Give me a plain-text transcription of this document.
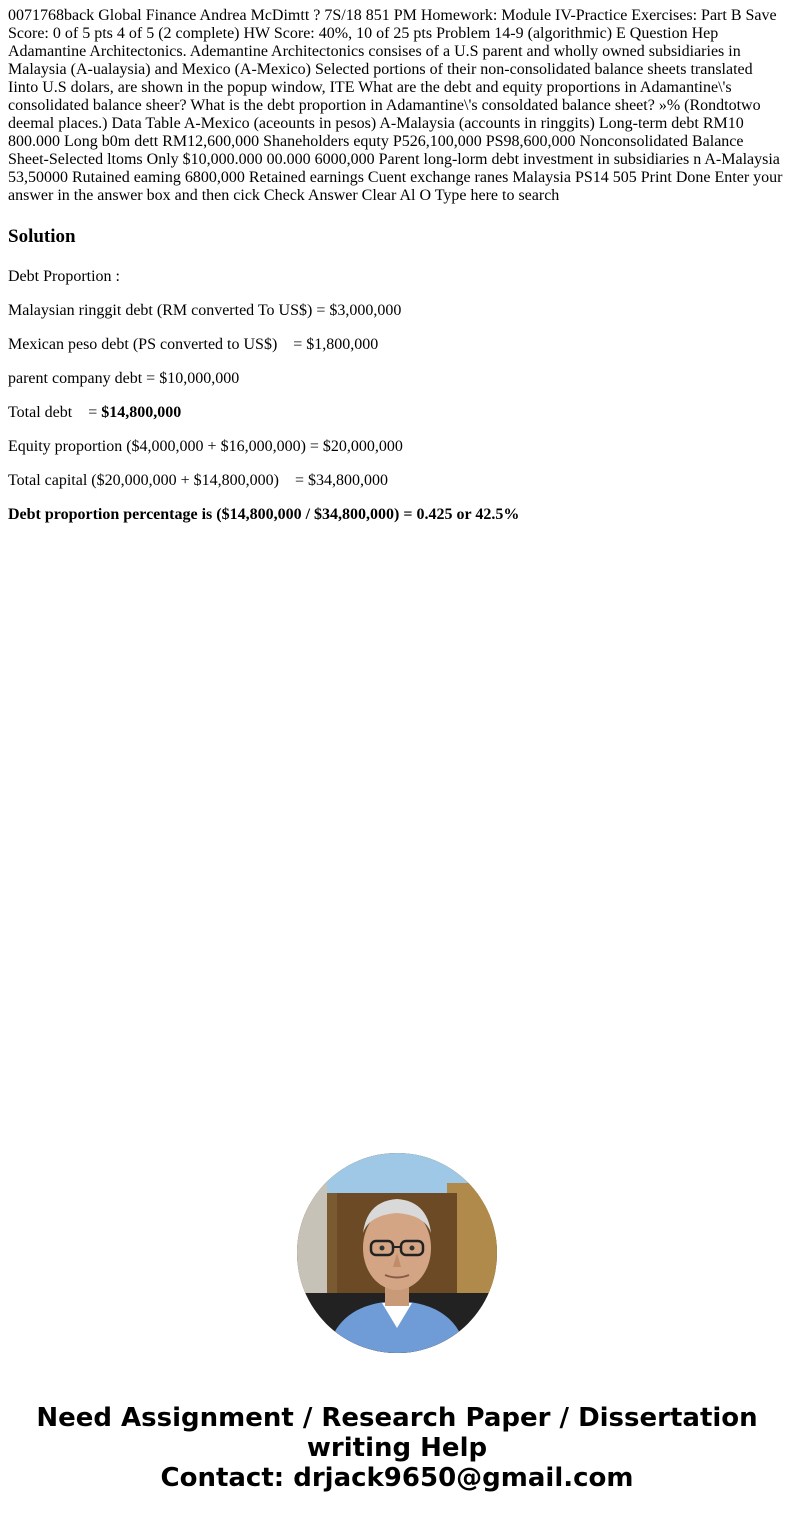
0071768back Global Finance Andrea McDimtt ? 7S/18 851 PM Homework: Module IV-Practice Exercises: Part B Save Score: 0 of 5 pts 4 of 5 (2 complete) HW Score: 40%, 10 of 25 pts Problem 14-9 (algorithmic) E Question Hep Adamantine Architectonics. Ademantine Architectonics consises of a U.S parent and wholly owned subsidiaries in Malaysia (A-ualaysia) and Mexico (A-Mexico) Selected portions of their non-consolidated balance sheets translated Iinto U.S dolars, are shown in the popup window, ITE What are the debt and equity proportions in Adamantine\'s consolidated balance sheer? What is the debt proportion in Adamantine\'s consoldated balance sheet? »% (Rondtotwo deemal places.) Data Table A-Mexico (aceounts in pesos) A-Malaysia (accounts in ringgits) Long-term debt RM10 800.000 Long b0m dett RM12,600,000 Shaneholders equty P526,100,000 PS98,600,000 Nonconsolidated Balance Sheet-Selected ltoms Only $10,000.000 00.000 6000,000 Parent long-lorm debt investment in subsidiaries n A-Malaysia 53,50000 Rutained eaming 6800,000 Retained earnings Cuent exchange ranes Malaysia PS14 505 Print Done Enter your answer in the answer box and then cick Check Answer Clear Al O Type here to search

Solution

Debt Proportion :

Malaysian ringgit debt (RM converted To US$) = $3,000,000

Mexican peso debt (PS converted to US$)    = $1,800,000

parent company debt = $10,000,000

Total debt    = $14,800,000

Equity proportion ($4,000,000 + $16,000,000) = $20,000,000

Total capital ($20,000,000 + $14,800,000)    = $34,800,000

Debt proportion percentage is ($14,800,000 / $34,800,000) = 0.425 or 42.5%

Need Assignment / Research Paper / Dissertation
writing Help
Contact: drjack9650@gmail.com
